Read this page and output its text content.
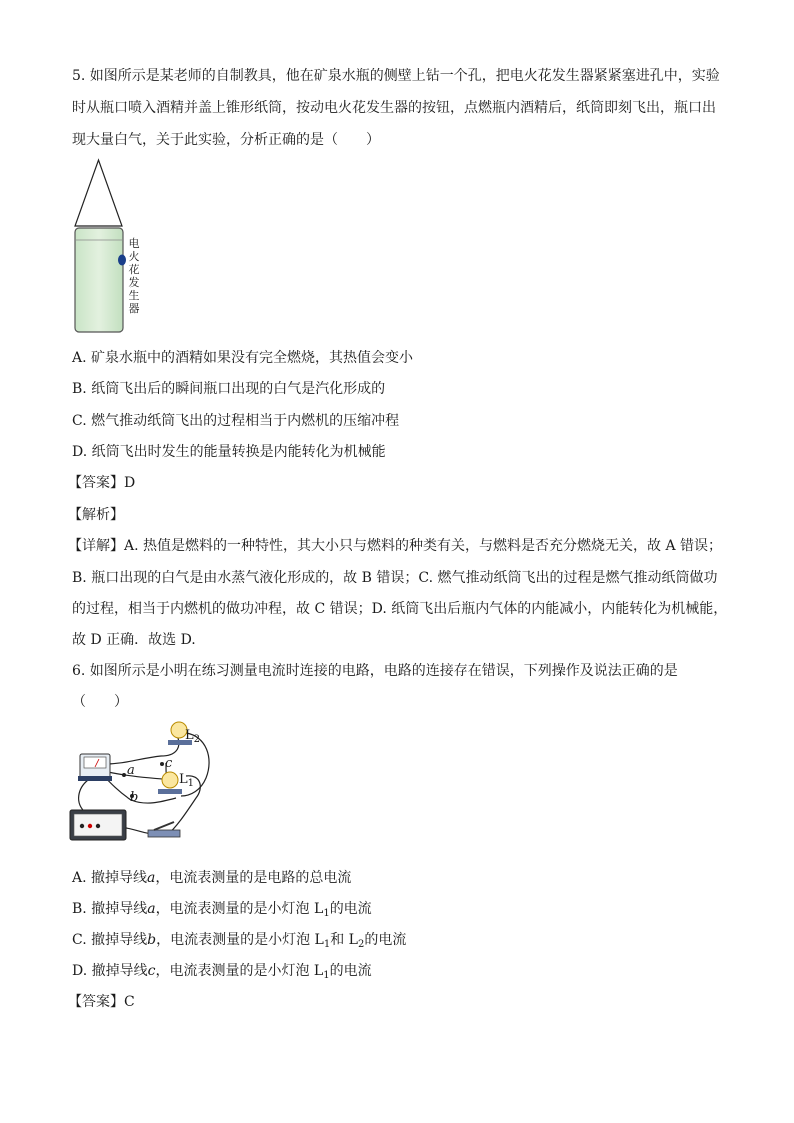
5. 如图所示是某老师的自制教具，他在矿泉水瓶的侧壁上钻一个孔，把电火花发生器紧紧塞进孔中，实验
时从瓶口喷入酒精并盖上锥形纸筒，按动电火花发生器的按钮，点燃瓶内酒精后，纸筒即刻飞出，瓶口出
现大量白气，关于此实验，分析正确的是（　　）
电
火
花
发
生
器
A. 矿泉水瓶中的酒精如果没有完全燃烧，其热值会变小
B. 纸筒飞出后的瞬间瓶口出现的白气是汽化形成的
C. 燃气推动纸筒飞出的过程相当于内燃机的压缩冲程
D. 纸筒飞出时发生的能量转换是内能转化为机械能
【答案】D
【解析】
【详解】A. 热值是燃料的一种特性，其大小只与燃料的种类有关，与燃料是否充分燃烧无关，故 A 错误；
B. 瓶口出现的白气是由水蒸气液化形成的，故 B 错误；C. 燃气推动纸筒飞出的过程是燃气推动纸筒做功
的过程，相当于内燃机的做功冲程，故 C 错误；D. 纸筒飞出后瓶内气体的内能减小，内能转化为机械能，
故 D 正确．故选 D.
6. 如图所示是小明在练习测量电流时连接的电路，电路的连接存在错误，下列操作及说法正确的是
（　　）
a
b
c
$L_2$
$L_1$
A. 撤掉导线a，电流表测量的是电路的总电流
B. 撤掉导线a，电流表测量的是小灯泡 $L_1$的电流
C. 撤掉导线b，电流表测量的是小灯泡 $L_1$和 $L_2$的电流
D. 撤掉导线c，电流表测量的是小灯泡 $L_1$的电流
【答案】C
